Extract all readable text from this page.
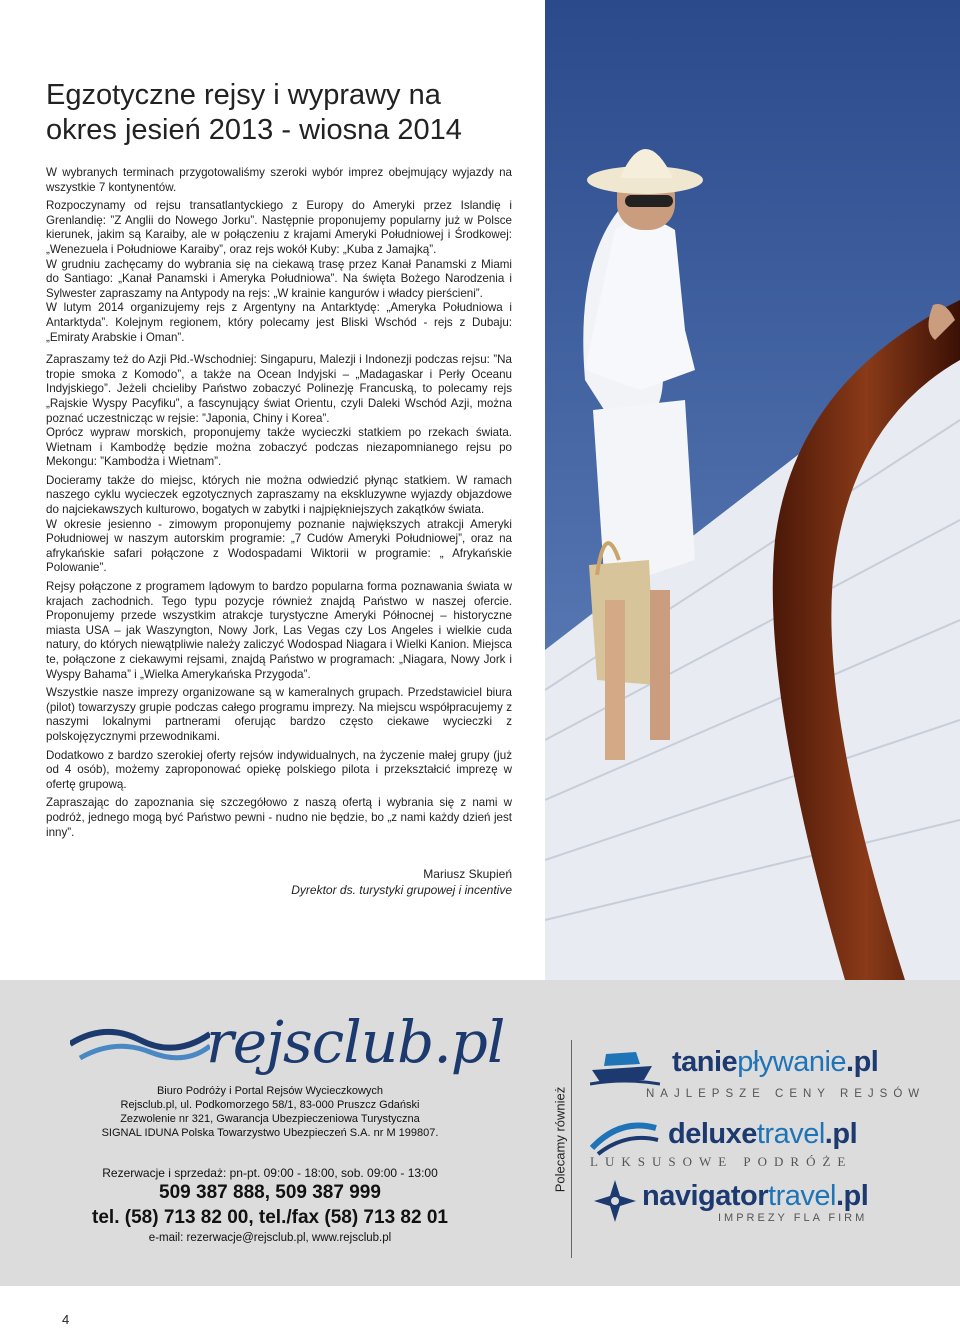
Egzotyczne rejsy i wyprawy na
okres jesień 2013 - wiosna 2014

W wybranych terminach przygotowaliśmy szeroki wybór imprez obejmujący wyjazdy na wszystkie 7 kontynentów.

Rozpoczynamy od rejsu transatlantyckiego z Europy do Ameryki przez Islandię i Grenlandię: ”Z Anglii do Nowego Jorku”. Następnie proponujemy popularny już w Polsce kierunek, jakim są Karaiby, ale w połączeniu z krajami Ameryki Południowej i Środkowej: „Wenezuela i Południowe Karaiby”, oraz rejs wokół Kuby: „Kuba z Jamajką”.

W grudniu zachęcamy do wybrania się na ciekawą trasę przez Kanał Panamski z Miami do Santiago: „Kanał Panamski i Ameryka Południowa”. Na święta Bożego Narodzenia i Sylwester zapraszamy na Antypody na rejs: „W krainie kangurów i władcy pierścieni”.

W lutym 2014 organizujemy rejs z Argentyny na Antarktydę: „Ameryka Południowa i Antarktyda”. Kolejnym regionem, który polecamy jest Bliski Wschód - rejs z Dubaju: „Emiraty Arabskie i Oman”.

Zapraszamy też do Azji Płd.-Wschodniej: Singapuru, Malezji i Indonezji podczas rejsu: ”Na tropie smoka z Komodo”, a także na Ocean Indyjski – „Madagaskar i Perły Oceanu Indyjskiego”. Jeżeli chcieliby Państwo zobaczyć Polinezję Francuską, to polecamy rejs „Rajskie Wyspy Pacyfiku”, a fascynujący świat Orientu, czyli Daleki Wschód Azji, można poznać uczestnicząc w rejsie: ”Japonia, Chiny i Korea”.

Oprócz wypraw morskich, proponujemy także wycieczki statkiem po rzekach świata. Wietnam i Kambodżę będzie można zobaczyć podczas niezapomnianego rejsu po Mekongu: ”Kambodża i Wietnam”.

Docieramy także do miejsc, których nie można odwiedzić płynąc statkiem. W ramach naszego cyklu wycieczek egzotycznych zapraszamy na ekskluzywne wyjazdy objazdowe do najciekawszych kulturowo, bogatych w zabytki i najpiękniejszych zakątków świata.

W okresie jesienno - zimowym proponujemy poznanie największych atrakcji Ameryki Południowej w naszym autorskim programie: „7 Cudów Ameryki Południowej”, oraz na afrykańskie safari połączone z Wodospadami Wiktorii w programie: „ Afrykańskie Polowanie”.

Rejsy połączone z programem lądowym to bardzo popularna forma poznawania świata w krajach zachodnich. Tego typu pozycje również znajdą Państwo w naszej ofercie. Proponujemy przede wszystkim atrakcje turystyczne Ameryki Północnej – historyczne miasta USA – jak Waszyngton, Nowy Jork, Las Vegas czy Los Angeles i wielkie cuda natury, do których niewątpliwie należy zaliczyć Wodospad Niagara i Wielki Kanion. Miejsca te, połączone z ciekawymi rejsami, znajdą Państwo w programach: „Niagara, Nowy Jork i Wyspy Bahama” i „Wielka Amerykańska Przygoda”.

Wszystkie nasze imprezy organizowane są w kameralnych grupach. Przedstawiciel biura (pilot) towarzyszy grupie podczas całego programu imprezy. Na miejscu współpracujemy z naszymi lokalnymi partnerami oferując bardzo często ciekawe wycieczki z polskojęzycznymi przewodnikami.

Dodatkowo z bardzo szerokiej oferty rejsów indywidualnych, na życzenie małej grupy (już od 4 osób), możemy zaproponować opiekę polskiego pilota i przekształcić imprezę w ofertę grupową.

Zapraszając do zapoznania się szczegółowo z naszą ofertą i wybrania się z nami w podróż, jednego mogą być Państwo pewni - nudno nie będzie, bo „z nami każdy dzień jest inny”.

Mariusz Skupień
Dyrektor ds. turystyki grupowej i incentive
rejsclub.pl
Biuro Podróży i Portal Rejsów Wycieczkowych
Rejsclub.pl, ul. Podkomorzego 58/1, 83-000 Pruszcz Gdański
Zezwolenie nr 321, Gwarancja Ubezpieczeniowa Turystyczna
SIGNAL IDUNA Polska Towarzystwo Ubezpieczeń S.A. nr M 199807.
Rezerwacje i sprzedaż: pn-pt. 09:00 - 18:00, sob. 09:00 - 13:00
509 387 888, 509 387 999
tel. (58) 713 82 00, tel./fax (58) 713 82 01
e-mail: rezerwacje@rejsclub.pl, www.rejsclub.pl
Polecamy również
taniepływanie.pl
NAJLEPSZE CENY REJSÓW
deluxetravel.pl
LUKSUSOWE PODRÓŻE
navigatortravel.pl
IMPREZY FLA FIRM
4
